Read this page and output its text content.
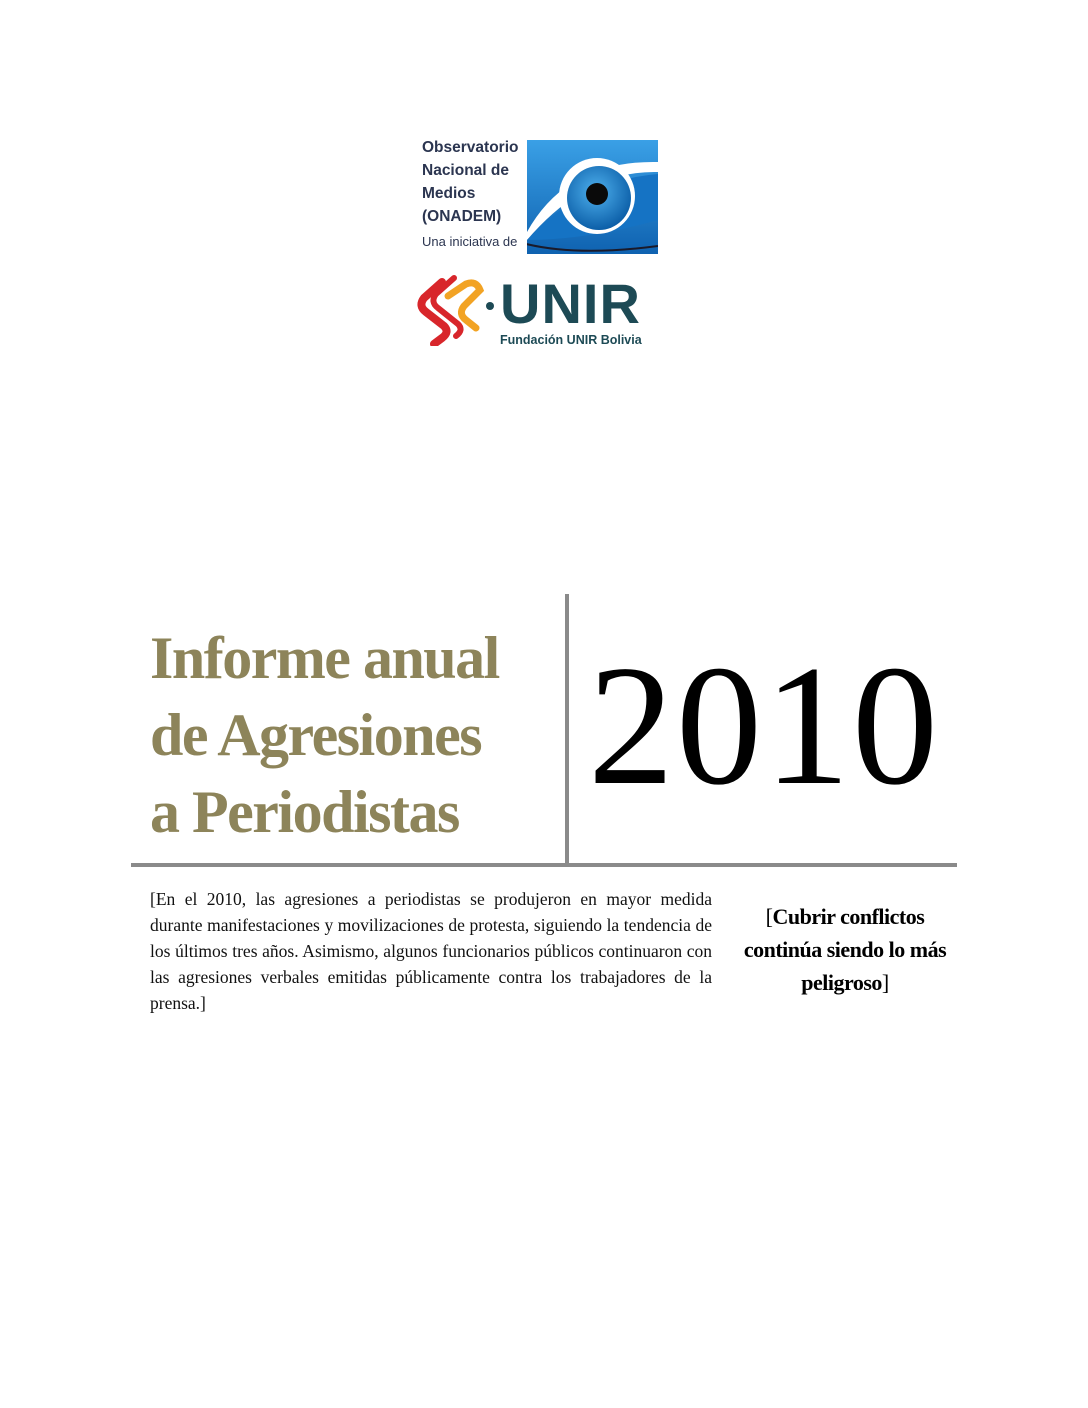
Observatorio
Nacional de
Medios
(ONADEM)
Una iniciativa de
UNIR
Fundación UNIR Bolivia
Informe anual
de Agresiones
a Periodistas 2010
[En el 2010, las agresiones a periodistas se produjeron en mayor medida durante manifestaciones y movilizaciones de protesta, siguiendo la tendencia de los últimos tres años. Asimismo, algunos funcionarios públicos continuaron con las agresiones verbales emitidas públicamente contra los trabajadores de la prensa.]
[Cubrir conflictos continúa siendo lo más peligroso]
